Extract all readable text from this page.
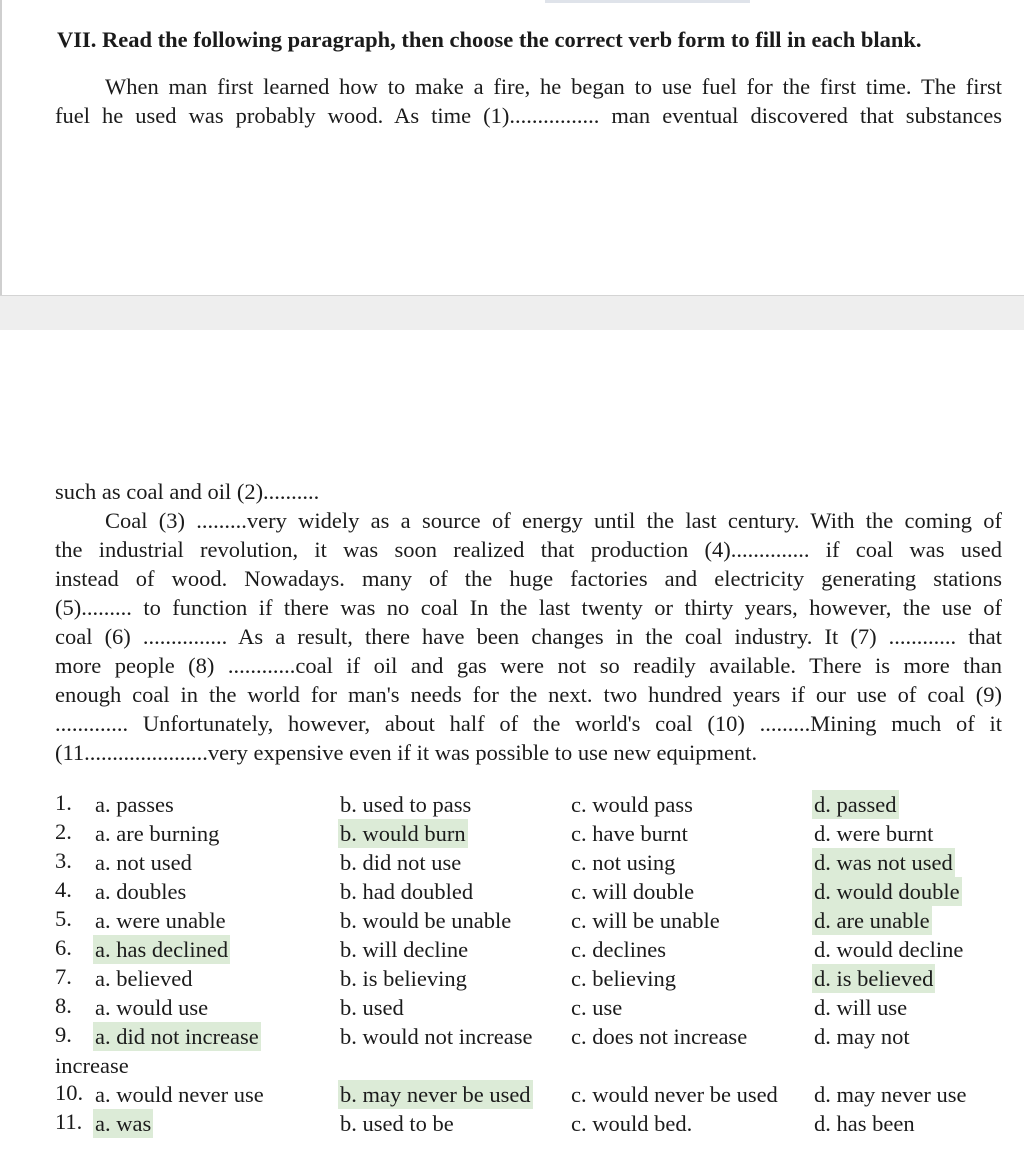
VII. Read the following paragraph, then choose the correct verb form to fill in each blank.
When man first learned how to make a fire, he began to use fuel for the first time. The first
fuel he used was probably wood. As time (1)................ man eventual discovered that substances
such as coal and oil (2)..........
Coal (3) .........very widely as a source of energy until the last century. With the coming of
the industrial revolution, it was soon realized that production (4).............. if coal was used
instead of wood. Nowadays. many of the huge factories and electricity generating stations
(5)......... to function if there was no coal In the last twenty or thirty years, however, the use of
coal (6) ............... As a result, there have been changes in the coal industry. It (7) ............ that
more people (8) ............coal if oil and gas were not so readily available. There is more than
enough coal in the world for man's needs for the next. two hundred years if our use of coal (9)
............. Unfortunately, however, about half of the world's coal (10) .........Mining much of it
(11......................very expensive even if it was possible to use new equipment.
1. a. passes	b. used to pass	c. would pass	d. passed
2. a. are burning	b. would burn	c. have burnt	d. were burnt
3. a. not used	b. did not use	c. not using	d. was not used
4. a. doubles	b. had doubled	c. will double	d. would double
5. a. were unable	b. would be unable	c. will be unable	d. are unable
6. a. has declined	b. will decline	c. declines	d. would decline
7. a. believed	b. is believing	c. believing	d. is believed
8. a. would use	b. used	c. use	d. will use
9. a. did not increase	b. would not increase c. does not increase	d. may not
increase
10. a. would never use	b. may never be used c. would never be used d. may never use
11. a. was	b. used to be	c. would bed.	d. has been
